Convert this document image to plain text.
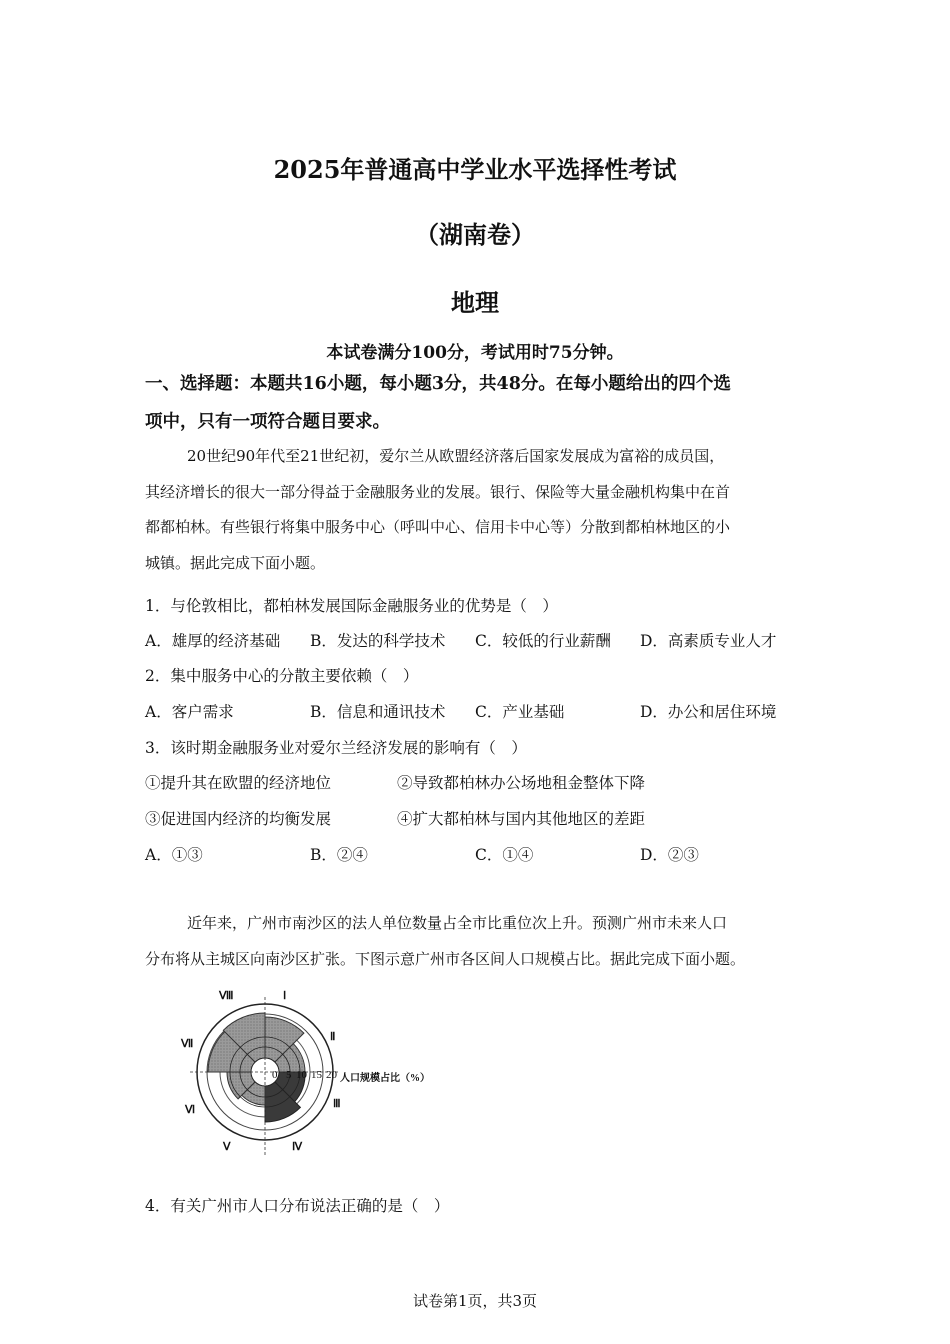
2025年普通高中学业水平选择性考试
（湖南卷）
地理
本试卷满分100分，考试用时75分钟。
一、选择题：本题共16小题，每小题3分，共48分。在每小题给出的四个选
项中，只有一项符合题目要求。
20世纪90年代至21世纪初，爱尔兰从欧盟经济落后国家发展成为富裕的成员国，
其经济增长的很大一部分得益于金融服务业的发展。银行、保险等大量金融机构集中在首
都都柏林。有些银行将集中服务中心（呼叫中心、信用卡中心等）分散到都柏林地区的小
城镇。据此完成下面小题。
1．与伦敦相比，都柏林发展国际金融服务业的优势是（　）
A．雄厚的经济基础 B．发达的科学技术 C．较低的行业薪酬 D．高素质专业人才
2．集中服务中心的分散主要依赖（　）
A．客户需求	B．信息和通讯技术 C．产业基础	D．办公和居住环境
3．该时期金融服务业对爱尔兰经济发展的影响有（　）
①提升其在欧盟的经济地位	②导致都柏林办公场地租金整体下降
③促进国内经济的均衡发展	④扩大都柏林与国内其他地区的差距
A．①③	B．②④	C．①④	D．②③
近年来，广州市南沙区的法人单位数量占全市比重位次上升。预测广州市未来人口
分布将从主城区向南沙区扩张。下图示意广州市各区间人口规模占比。据此完成下面小题。
0 5 10 15 20 人口规模占比（%）
Ⅰ
Ⅱ
Ⅲ
Ⅳ
Ⅴ
Ⅵ
Ⅶ
Ⅷ
4．有关广州市人口分布说法正确的是（　）
试卷第1页，共3页
